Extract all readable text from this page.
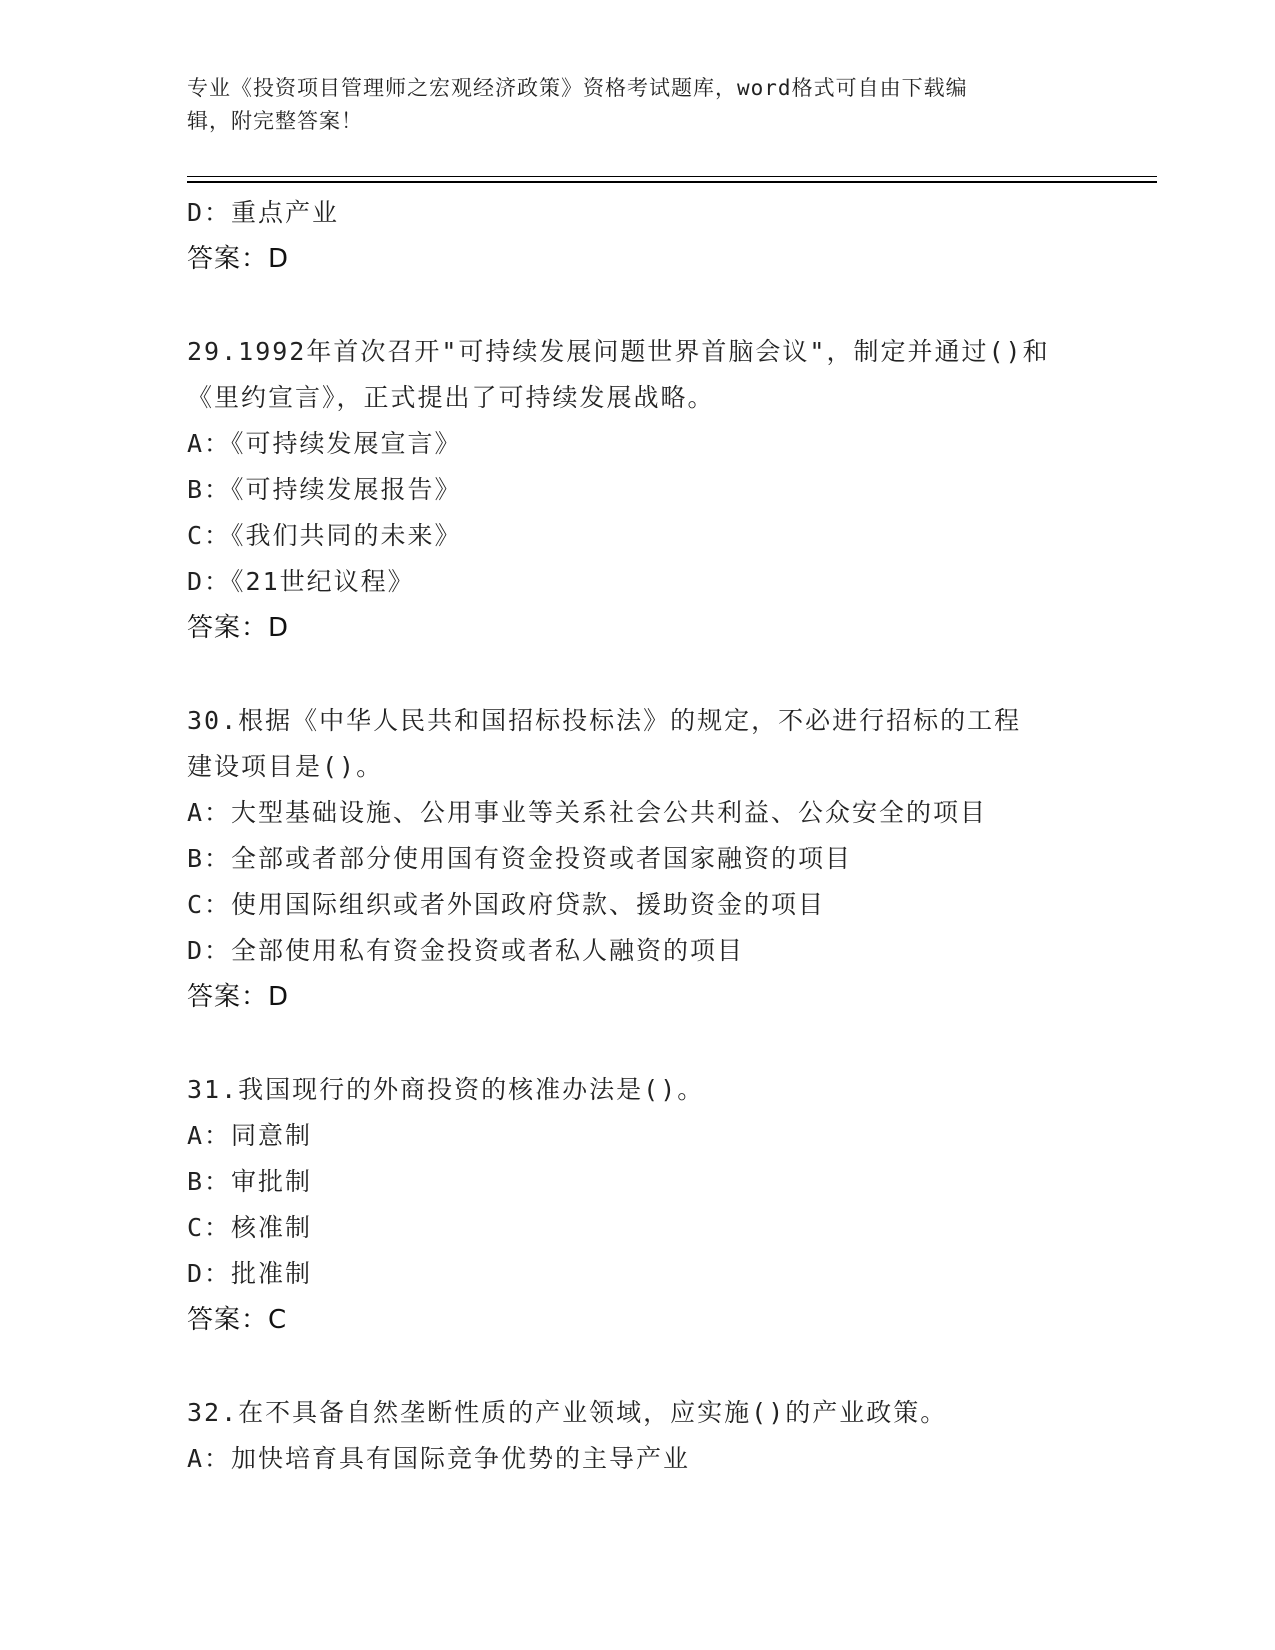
专业《投资项目管理师之宏观经济政策》资格考试题库，word格式可自由下载编
辑，附完整答案！
D：重点产业
答案：D
29.1992年首次召开"可持续发展问题世界首脑会议"，制定并通过()和
《里约宣言》，正式提出了可持续发展战略。
A：《可持续发展宣言》
B：《可持续发展报告》
C：《我们共同的未来》
D：《21世纪议程》
答案：D
30.根据《中华人民共和国招标投标法》的规定，不必进行招标的工程
建设项目是()。
A：大型基础设施、公用事业等关系社会公共利益、公众安全的项目
B：全部或者部分使用国有资金投资或者国家融资的项目
C：使用国际组织或者外国政府贷款、援助资金的项目
D：全部使用私有资金投资或者私人融资的项目
答案：D
31.我国现行的外商投资的核准办法是()。
A：同意制
B：审批制
C：核准制
D：批准制
答案：C
32.在不具备自然垄断性质的产业领域，应实施()的产业政策。
A：加快培育具有国际竞争优势的主导产业
